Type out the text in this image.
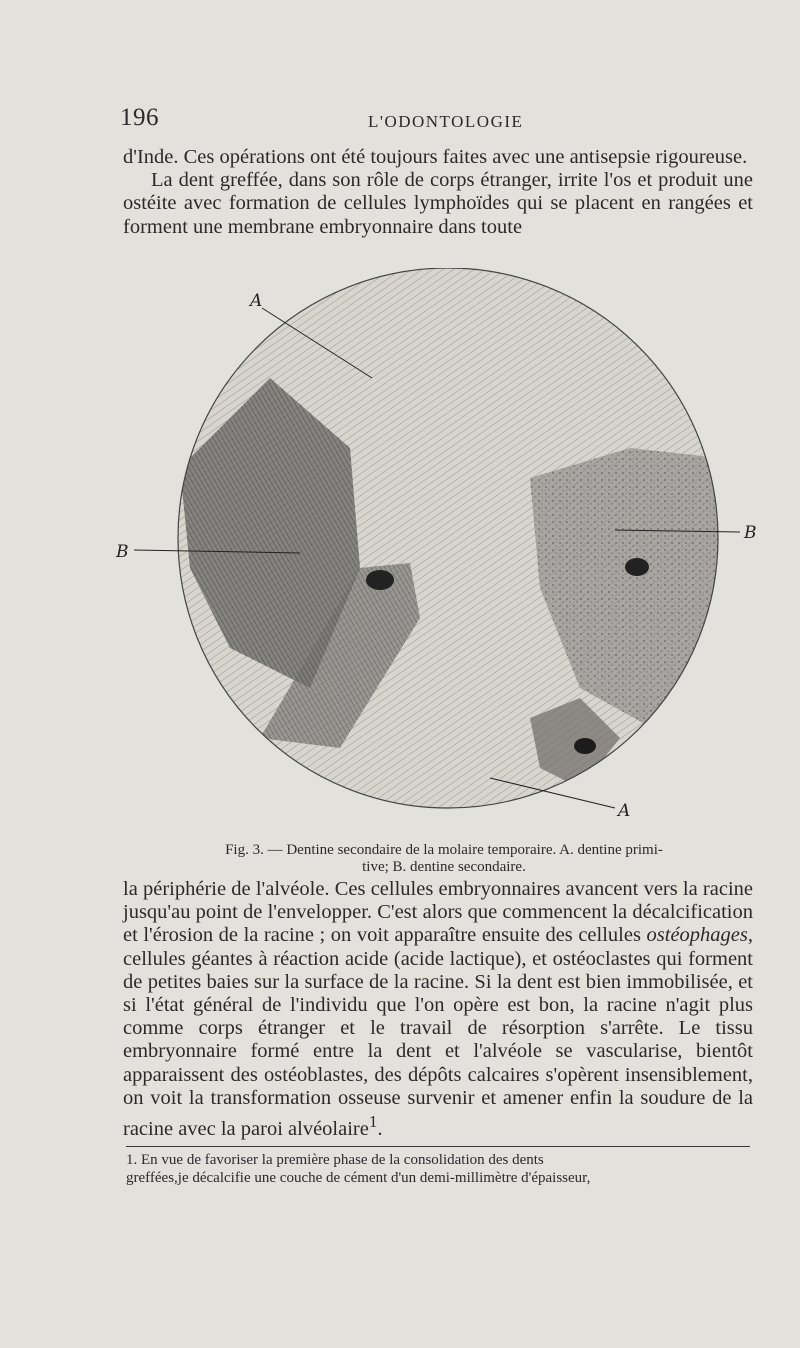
196	L'ODONTOLOGIE

d'Inde. Ces opérations ont été toujours faites avec une antisepsie rigoureuse.

La dent greffée, dans son rôle de corps étranger, irrite l'os et produit une ostéite avec formation de cellules lymphoïdes qui se placent en rangées et forment une membrane embryonnaire dans toute

A
A
B
B
Fig. 3. — Dentine secondaire de la molaire temporaire. A. dentine primi-
tive; B. dentine secondaire.

la périphérie de l'alvéole. Ces cellules embryonnaires avancent vers la racine jusqu'au point de l'envelopper. C'est alors que commencent la décalcification et l'érosion de la racine ; on voit apparaître ensuite des cellules ostéophages, cellules géantes à réaction acide (acide lactique), et ostéoclastes qui forment de petites baies sur la surface de la racine. Si la dent est bien immobilisée, et si l'état général de l'individu que l'on opère est bon, la racine n'agit plus comme corps étranger et le travail de résorption s'arrête. Le tissu embryonnaire formé entre la dent et l'alvéole se vascularise, bientôt apparaissent des ostéoblastes, des dépôts calcaires s'opèrent insensiblement, on voit la transformation osseuse survenir et amener enfin la soudure de la racine avec la paroi alvéolaire$^1$.

1. En vue de favoriser la première phase de la consolidation des dents
greffées,je décalcifie une couche de cément d'un demi-millimètre d'épaisseur,
